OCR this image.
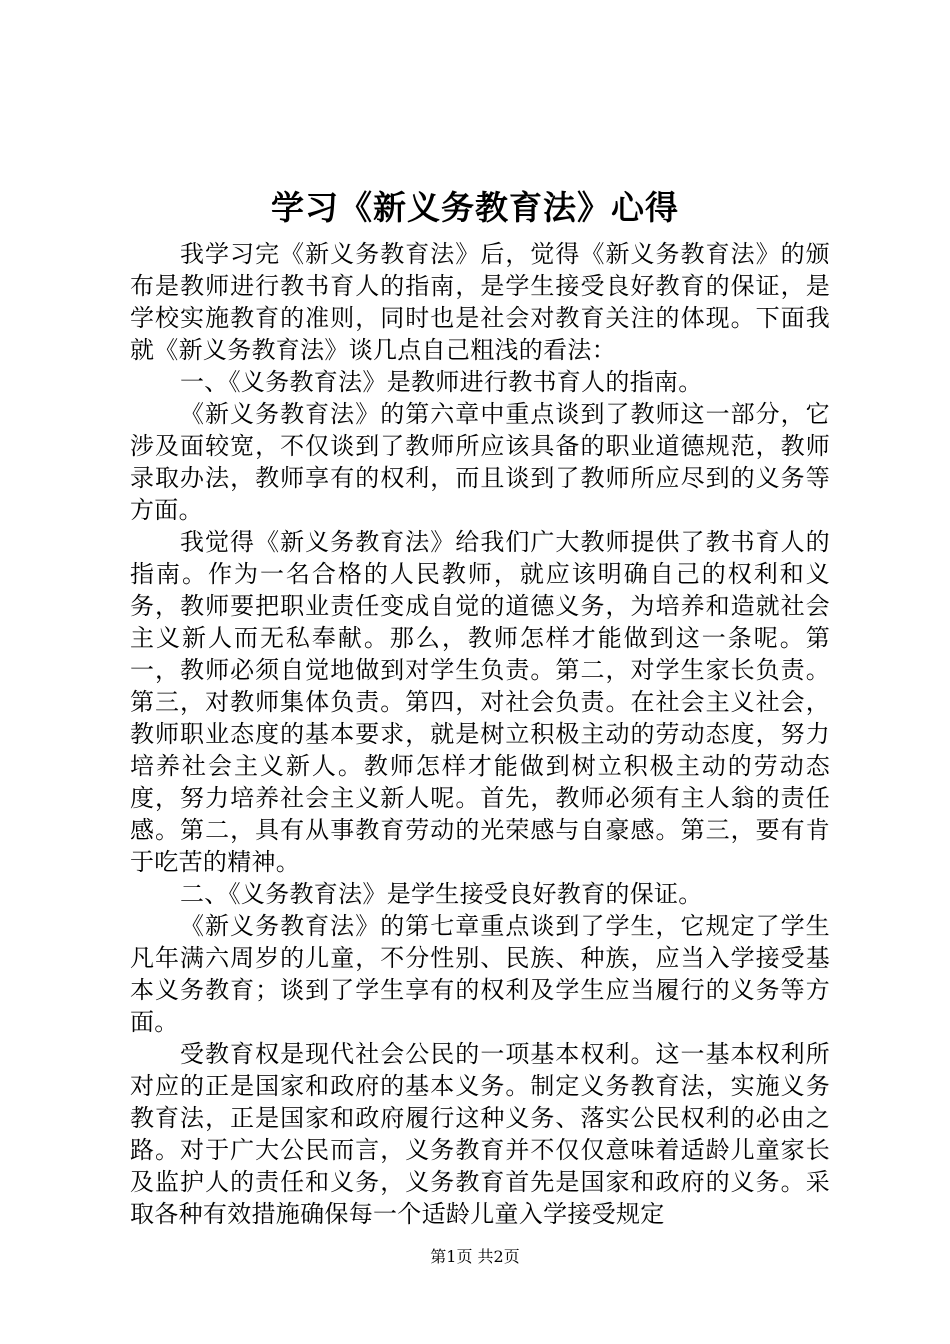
学习《新义务教育法》心得

我学习完《新义务教育法》后，觉得《新义务教育法》的颁布是教师进行教书育人的指南，是学生接受良好教育的保证，是学校实施教育的准则，同时也是社会对教育关注的体现。下面我就《新义务教育法》谈几点自己粗浅的看法：

一、《义务教育法》是教师进行教书育人的指南。

《新义务教育法》的第六章中重点谈到了教师这一部分，它涉及面较宽，不仅谈到了教师所应该具备的职业道德规范，教师录取办法，教师享有的权利，而且谈到了教师所应尽到的义务等方面。

我觉得《新义务教育法》给我们广大教师提供了教书育人的指南。作为一名合格的人民教师，就应该明确自己的权利和义务，教师要把职业责任变成自觉的道德义务，为培养和造就社会主义新人而无私奉献。那么，教师怎样才能做到这一条呢。第一，教师必须自觉地做到对学生负责。第二，对学生家长负责。第三，对教师集体负责。第四，对社会负责。在社会主义社会，教师职业态度的基本要求，就是树立积极主动的劳动态度，努力培养社会主义新人。教师怎样才能做到树立积极主动的劳动态度，努力培养社会主义新人呢。首先，教师必须有主人翁的责任感。第二，具有从事教育劳动的光荣感与自豪感。第三，要有肯于吃苦的精神。

二、《义务教育法》是学生接受良好教育的保证。

《新义务教育法》的第七章重点谈到了学生，它规定了学生凡年满六周岁的儿童，不分性别、民族、种族，应当入学接受基本义务教育；谈到了学生享有的权利及学生应当履行的义务等方面。

受教育权是现代社会公民的一项基本权利。这一基本权利所对应的正是国家和政府的基本义务。制定义务教育法，实施义务教育法，正是国家和政府履行这种义务、落实公民权利的必由之路。对于广大公民而言，义务教育并不仅仅意味着适龄儿童家长及监护人的责任和义务，义务教育首先是国家和政府的义务。采取各种有效措施确保每一个适龄儿童入学接受规定

第1页 共2页
